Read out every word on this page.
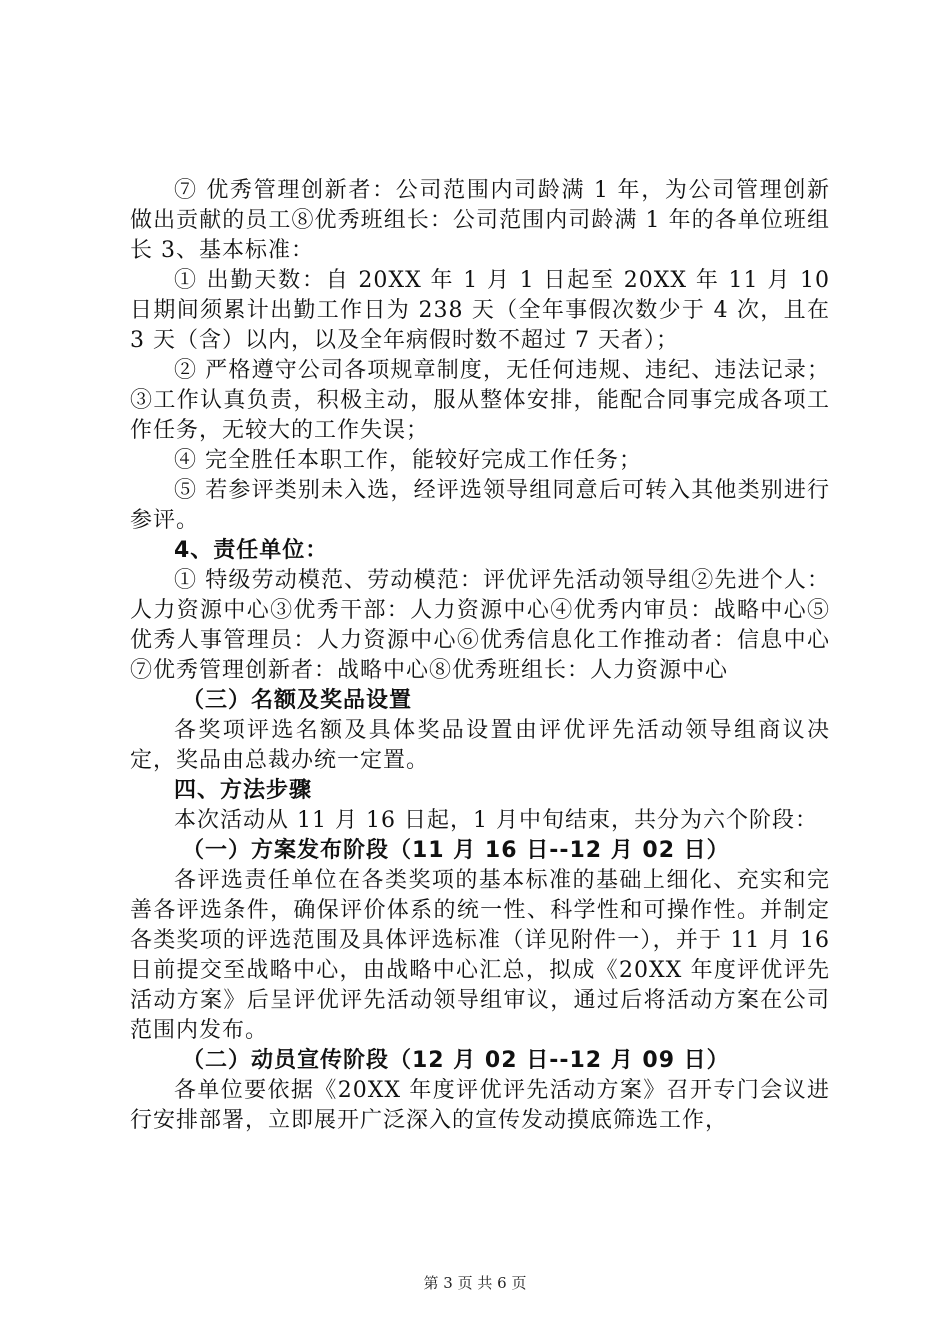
⑦ 优秀管理创新者：公司范围内司龄满 1 年，为公司管理创新做出贡献的员工⑧优秀班组长：公司范围内司龄满 1 年的各单位班组长 3、基本标准：

① 出勤天数：自 20XX 年 1 月 1 日起至 20XX 年 11 月 10 日期间须累计出勤工作日为 238 天（全年事假次数少于 4 次，且在 3 天（含）以内，以及全年病假时数不超过 7 天者）；

② 严格遵守公司各项规章制度，无任何违规、违纪、违法记录；③工作认真负责，积极主动，服从整体安排，能配合同事完成各项工作任务，无较大的工作失误；

④ 完全胜任本职工作，能较好完成工作任务；

⑤ 若参评类别未入选，经评选领导组同意后可转入其他类别进行参评。

4、责任单位：

① 特级劳动模范、劳动模范：评优评先活动领导组②先进个人：人力资源中心③优秀干部：人力资源中心④优秀内审员：战略中心⑤优秀人事管理员：人力资源中心⑥优秀信息化工作推动者：信息中心⑦优秀管理创新者：战略中心⑧优秀班组长：人力资源中心

（三）名额及奖品设置

各奖项评选名额及具体奖品设置由评优评先活动领导组商议决定，奖品由总裁办统一定置。

四、方法步骤

本次活动从 11 月 16 日起，1 月中旬结束，共分为六个阶段：

（一）方案发布阶段（11 月 16 日--12 月 02 日）

各评选责任单位在各类奖项的基本标准的基础上细化、充实和完善各评选条件，确保评价体系的统一性、科学性和可操作性。并制定各类奖项的评选范围及具体评选标准（详见附件一），并于 11 月 16 日前提交至战略中心，由战略中心汇总，拟成《20XX 年度评优评先活动方案》后呈评优评先活动领导组审议，通过后将活动方案在公司范围内发布。

（二）动员宣传阶段（12 月 02 日--12 月 09 日）

各单位要依据《20XX 年度评优评先活动方案》召开专门会议进行安排部署，立即展开广泛深入的宣传发动摸底筛选工作，

第 3 页 共 6 页
